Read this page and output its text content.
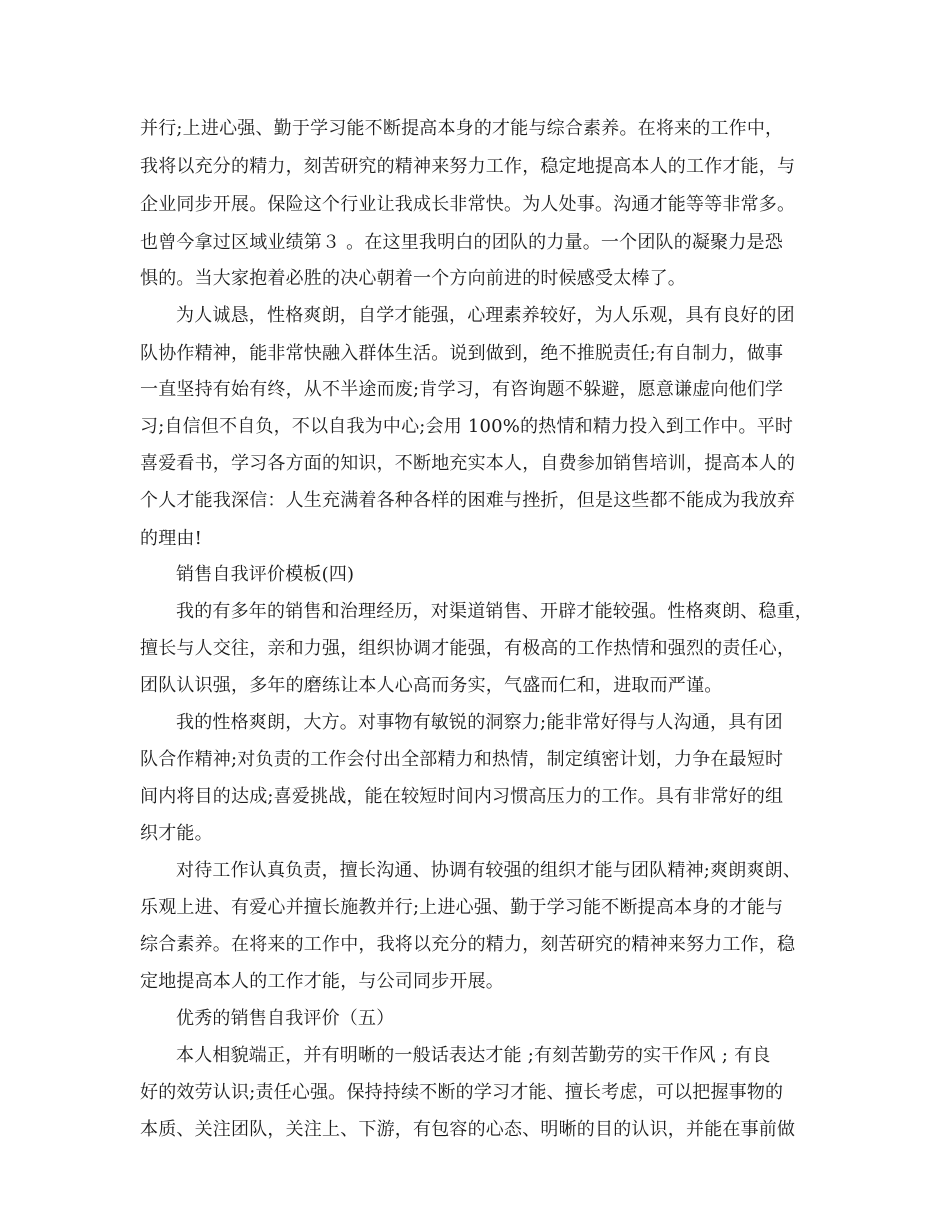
并行;上进心强、勤于学习能不断提高本身的才能与综合素养。在将来的工作中，
我将以充分的精力，刻苦研究的精神来努力工作，稳定地提高本人的工作才能，与
企业同步开展。保险这个行业让我成长非常快。为人处事。沟通才能等等非常多。
也曾今拿过区域业绩第３ 。在这里我明白的团队的力量。一个团队的凝聚力是恐
惧的。当大家抱着必胜的决心朝着一个方向前进的时候感受太棒了。
为人诚恳，性格爽朗，自学才能强，心理素养较好，为人乐观，具有良好的团
队协作精神，能非常快融入群体生活。说到做到，绝不推脱责任;有自制力，做事
一直坚持有始有终，从不半途而废;肯学习，有咨询题不躲避，愿意谦虚向他们学
习;自信但不自负，不以自我为中心;会用 100%的热情和精力投入到工作中。平时
喜爱看书，学习各方面的知识，不断地充实本人，自费参加销售培训，提高本人的
个人才能我深信：人生充满着各种各样的困难与挫折，但是这些都不能成为我放弃
的理由!
销售自我评价模板(四)
我的有多年的销售和治理经历，对渠道销售、开辟才能较强。性格爽朗、稳重，
擅长与人交往，亲和力强，组织协调才能强，有极高的工作热情和强烈的责任心，
团队认识强，多年的磨练让本人心高而务实，气盛而仁和，进取而严谨。
我的性格爽朗，大方。对事物有敏锐的洞察力;能非常好得与人沟通，具有团
队合作精神;对负责的工作会付出全部精力和热情，制定缜密计划，力争在最短时
间内将目的达成;喜爱挑战，能在较短时间内习惯高压力的工作。具有非常好的组
织才能。
对待工作认真负责，擅长沟通、协调有较强的组织才能与团队精神;爽朗爽朗、
乐观上进、有爱心并擅长施教并行;上进心强、勤于学习能不断提高本身的才能与
综合素养。在将来的工作中，我将以充分的精力，刻苦研究的精神来努力工作，稳
定地提高本人的工作才能，与公司同步开展。
优秀的销售自我评价（五）
本人相貌端正，并有明晰的一般话表达才能 ;有刻苦勤劳的实干作风 ; 有良
好的效劳认识;责任心强。保持持续不断的学习才能、擅长考虑，可以把握事物的
本质、关注团队，关注上、下游，有包容的心态、明晰的目的认识，并能在事前做
